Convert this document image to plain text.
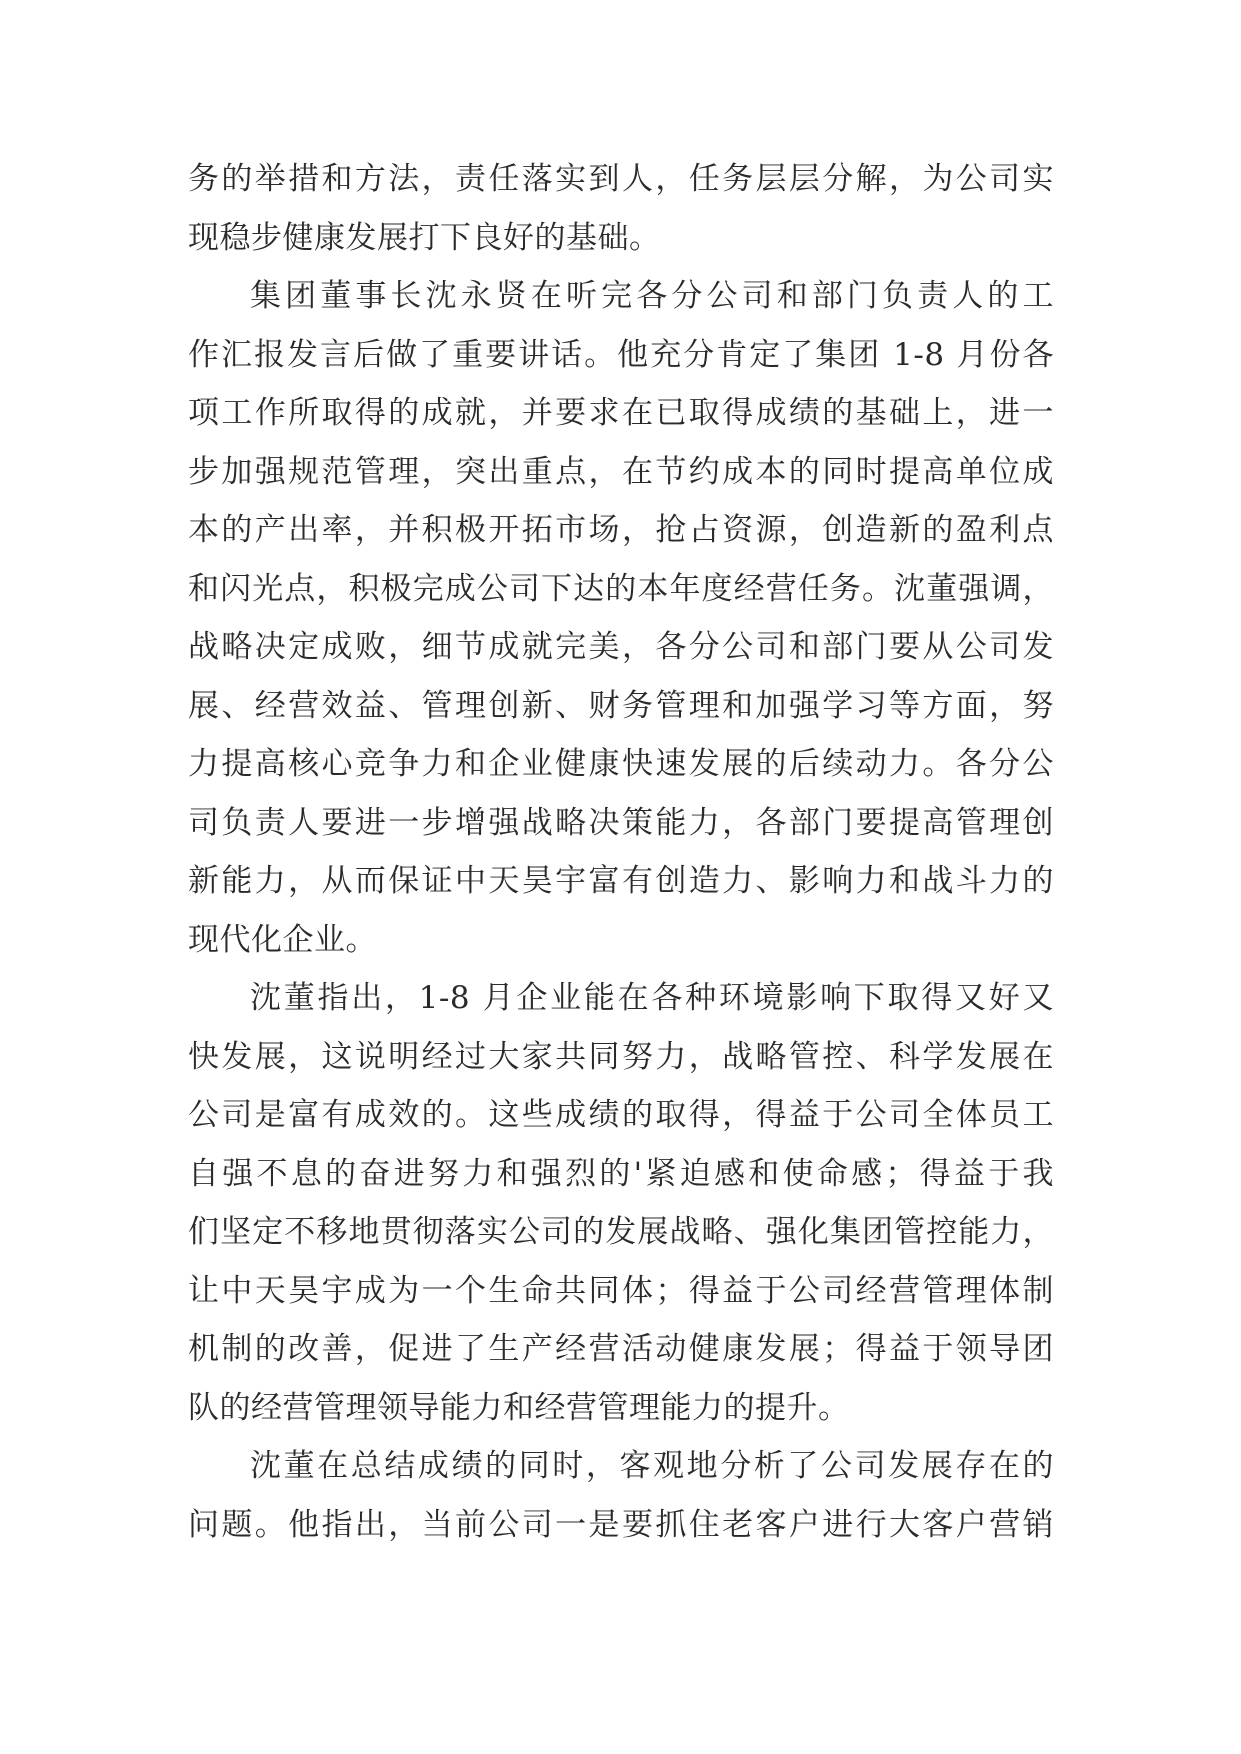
务的举措和方法，责任落实到人，任务层层分解，为公司实
现稳步健康发展打下良好的基础。
集团董事长沈永贤在听完各分公司和部门负责人的工
作汇报发言后做了重要讲话。他充分肯定了集团 1-8 月份各
项工作所取得的成就，并要求在已取得成绩的基础上，进一
步加强规范管理，突出重点，在节约成本的同时提高单位成
本的产出率，并积极开拓市场，抢占资源，创造新的盈利点
和闪光点，积极完成公司下达的本年度经营任务。沈董强调，
战略决定成败，细节成就完美，各分公司和部门要从公司发
展、经营效益、管理创新、财务管理和加强学习等方面，努
力提高核心竞争力和企业健康快速发展的后续动力。各分公
司负责人要进一步增强战略决策能力，各部门要提高管理创
新能力，从而保证中天昊宇富有创造力、影响力和战斗力的
现代化企业。
沈董指出，1-8 月企业能在各种环境影响下取得又好又
快发展，这说明经过大家共同努力，战略管控、科学发展在
公司是富有成效的。这些成绩的取得，得益于公司全体员工
自强不息的奋进努力和强烈的'紧迫感和使命感；得益于我
们坚定不移地贯彻落实公司的发展战略、强化集团管控能力，
让中天昊宇成为一个生命共同体；得益于公司经营管理体制
机制的改善，促进了生产经营活动健康发展；得益于领导团
队的经营管理领导能力和经营管理能力的提升。
沈董在总结成绩的同时，客观地分析了公司发展存在的
问题。他指出，当前公司一是要抓住老客户进行大客户营销
